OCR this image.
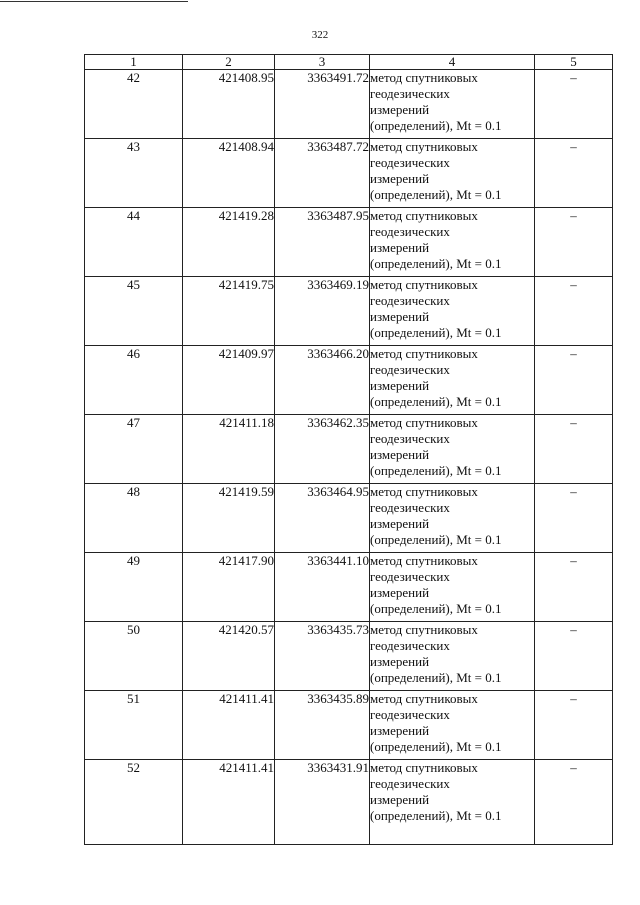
322
1	2	3	4	5
42	421408.95	3363491.72	метод спутниковых
геодезических
измерений
(определений), Mt = 0.1	–
43	421408.94	3363487.72	метод спутниковых
геодезических
измерений
(определений), Mt = 0.1	–
44	421419.28	3363487.95	метод спутниковых
геодезических
измерений
(определений), Mt = 0.1	–
45	421419.75	3363469.19	метод спутниковых
геодезических
измерений
(определений), Mt = 0.1	–
46	421409.97	3363466.20	метод спутниковых
геодезических
измерений
(определений), Mt = 0.1	–
47	421411.18	3363462.35	метод спутниковых
геодезических
измерений
(определений), Mt = 0.1	–
48	421419.59	3363464.95	метод спутниковых
геодезических
измерений
(определений), Mt = 0.1	–
49	421417.90	3363441.10	метод спутниковых
геодезических
измерений
(определений), Mt = 0.1	–
50	421420.57	3363435.73	метод спутниковых
геодезических
измерений
(определений), Mt = 0.1	–
51	421411.41	3363435.89	метод спутниковых
геодезических
измерений
(определений), Mt = 0.1	–
52	421411.41	3363431.91	метод спутниковых
геодезических
измерений
(определений), Mt = 0.1	–
